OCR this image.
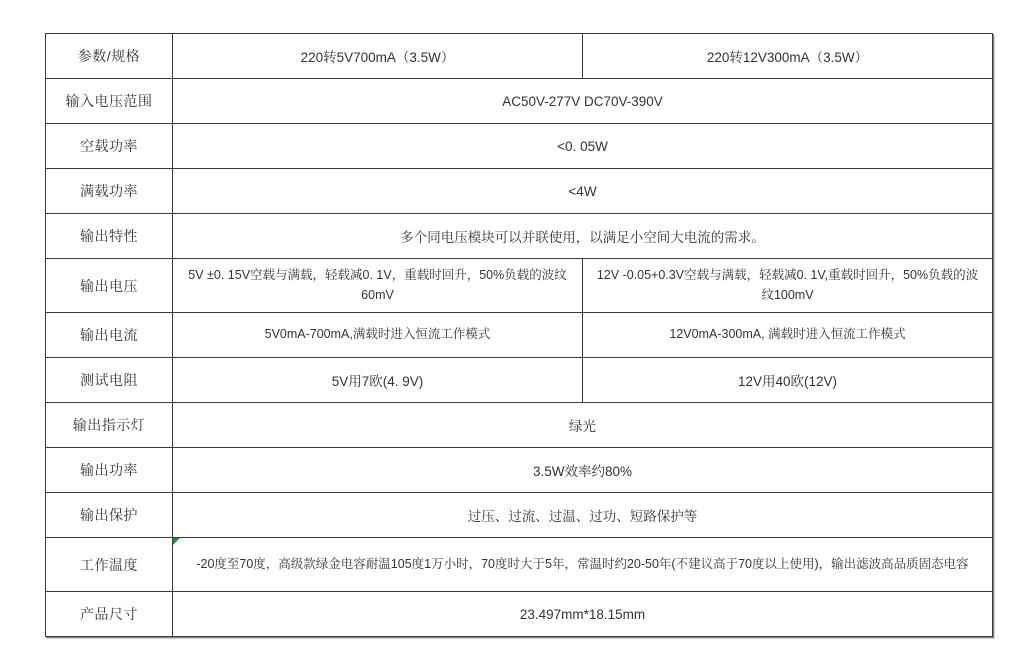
参数/规格	220转5V700mA（3.5W）	220转12V300mA（3.5W）
输入电压范围	AC50V-277V DC70V-390V	
空载功率	<0. 05W	
满载功率	<4W	
输出特性	多个同电压模块可以并联使用，以满足小空间大电流的需求。	
输出电压	5V ±0. 15V空载与满载，轻载减0. 1V，重载时回升，50%负载的波纹60mV	12V -0.05+0.3V空载与满载，轻载减0. 1V,重载时回升，50%负载的波纹100mV
输出电流	5V0mA-700mA,满载时进入恒流工作模式	12V0mA-300mA, 满载时进入恒流工作模式
测试电阻	5V用7欧(4. 9V)	12V用40欧(12V)
输出指示灯	绿光	
输出功率	3.5W效率约80%	
输出保护	过压、过流、过温、过功、短路保护等	
工作温度	-20度至70度，高级款绿金电容耐温105度1万小时，70度时大于5年，常温时约20-50年(不建议高于70度以上使用)，输出滤波高品质固态电容	
产品尺寸	23.497mm*18.15mm	
